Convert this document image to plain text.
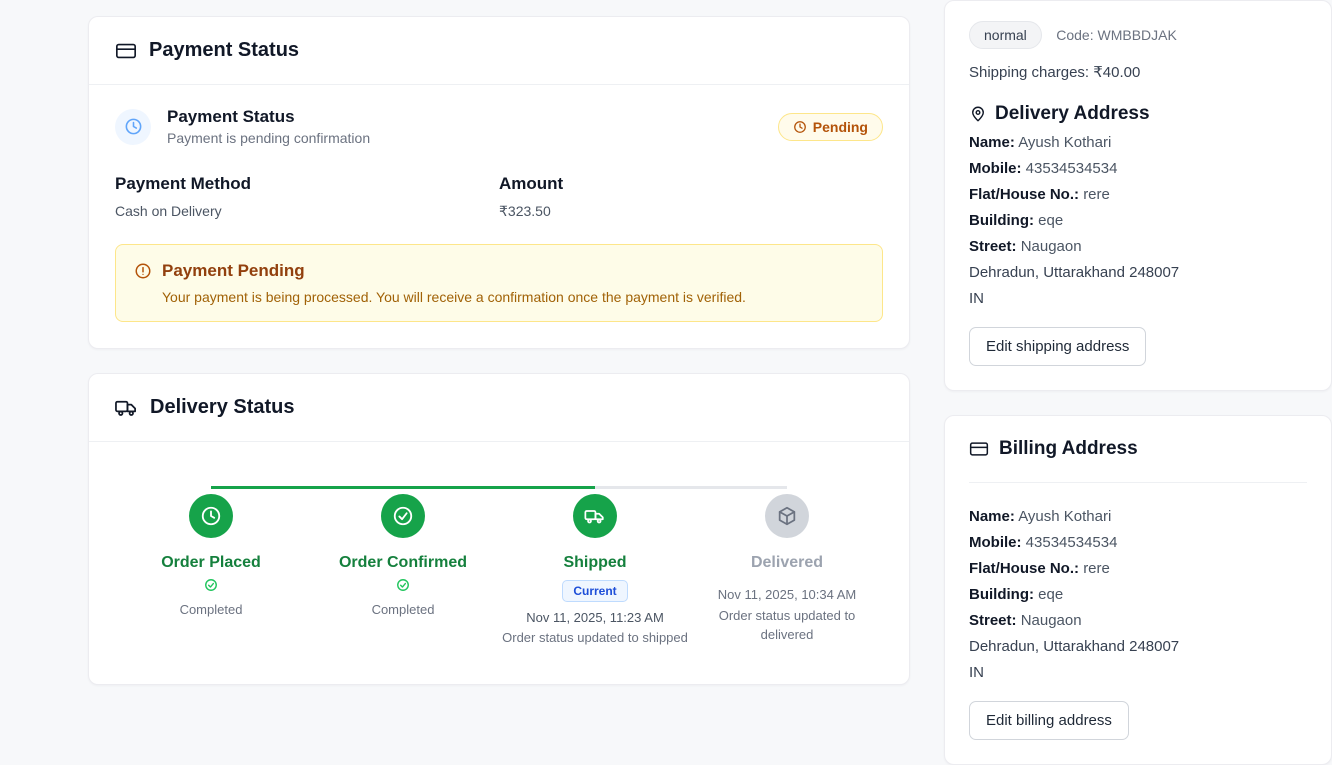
Payment Status
Payment Status
Payment is pending confirmation
Pending
Payment Method
Cash on Delivery
Amount
₹323.50
Payment Pending
Your payment is being processed. You will receive a confirmation once the payment is verified.
Delivery Status
Order Placed
Completed
Order Confirmed
Completed
Shipped
Current
Nov 11, 2025, 11:23 AM
Order status updated to shipped
Delivered
Nov 11, 2025, 10:34 AM
Order status updated to delivered
normal Code: WMBBDJAK
Shipping charges: ₹40.00
Delivery Address
Name: Ayush Kothari
Mobile: 43534534534
Flat/House No.: rere
Building: eqe
Street: Naugaon
Dehradun, Uttarakhand 248007
IN
Edit shipping address
Billing Address
Name: Ayush Kothari
Mobile: 43534534534
Flat/House No.: rere
Building: eqe
Street: Naugaon
Dehradun, Uttarakhand 248007
IN
Edit billing address
